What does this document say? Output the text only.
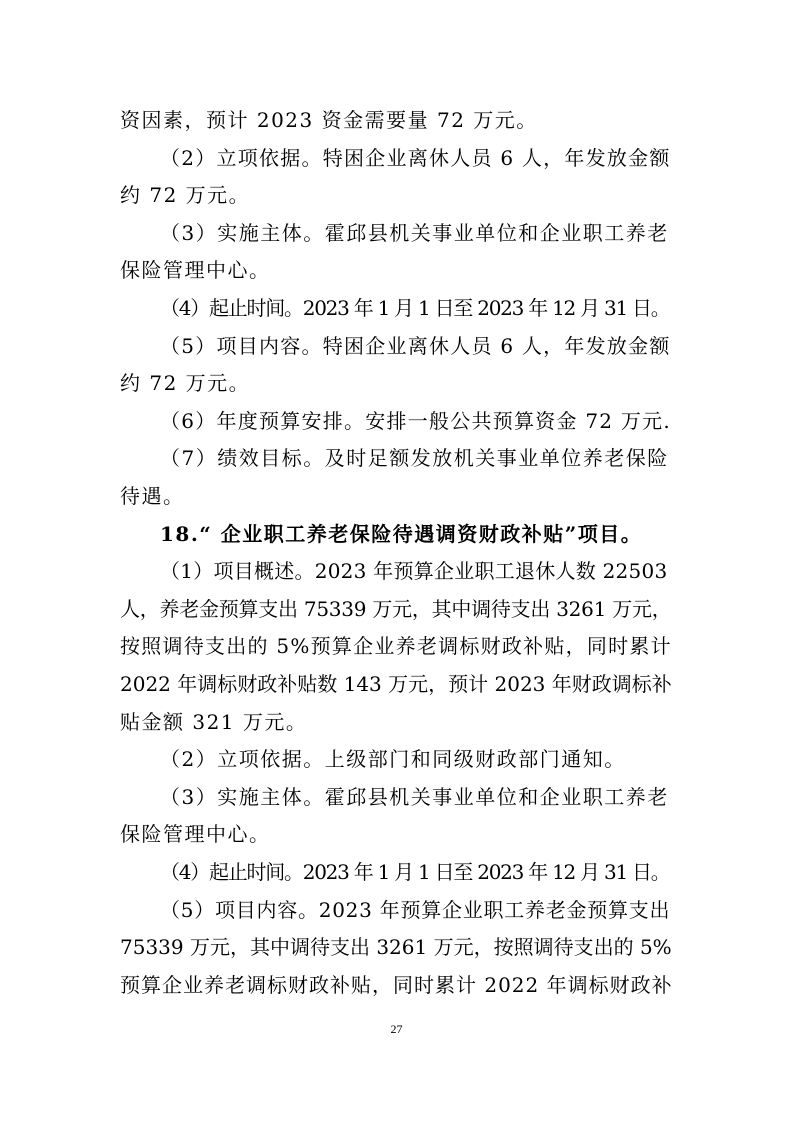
资因素，预计 2023 资金需要量 72 万元。
（2）立项依据。特困企业离休人员 6 人，年发放金额
约 72 万元。
（3）实施主体。霍邱县机关事业单位和企业职工养老
保险管理中心。
（4）起止时间。2023 年 1 月 1 日至 2023 年 12 月 31 日。
（5）项目内容。特困企业离休人员 6 人，年发放金额
约 72 万元。
（6）年度预算安排。安排一般公共预算资金 72 万元.
（7）绩效目标。及时足额发放机关事业单位养老保险
待遇。
18.“ 企业职工养老保险待遇调资财政补贴”项目。
（1）项目概述。2023 年预算企业职工退休人数 22503
人，养老金预算支出 75339 万元，其中调待支出 3261 万元，
按照调待支出的 5%预算企业养老调标财政补贴，同时累计
2022 年调标财政补贴数 143 万元，预计 2023 年财政调标补
贴金额 321 万元。
（2）立项依据。上级部门和同级财政部门通知。
（3）实施主体。霍邱县机关事业单位和企业职工养老
保险管理中心。
（4）起止时间。2023 年 1 月 1 日至 2023 年 12 月 31 日。
（5）项目内容。2023 年预算企业职工养老金预算支出
75339 万元，其中调待支出 3261 万元，按照调待支出的 5%
预算企业养老调标财政补贴，同时累计 2022 年调标财政补
27
